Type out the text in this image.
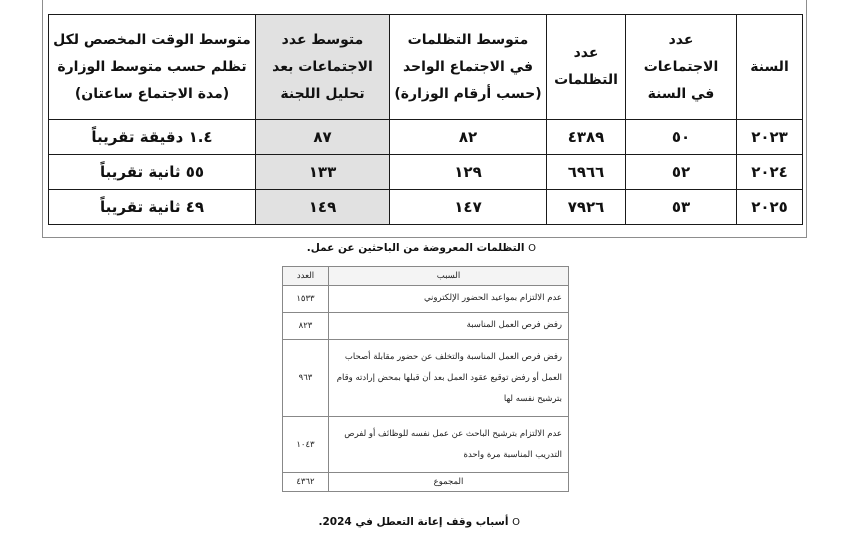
السنة	عدد الاجتماعات في السنة	عدد التظلمات	متوسط التظلمات في الاجتماع الواحد (حسب أرقام الوزارة)	متوسط عدد الاجتماعات بعد تحليل اللجنة	متوسط الوقت المخصص لكل تظلم حسب متوسط الوزارة (مدة الاجتماع ساعتان)
٢٠٢٣	٥٠	٤٣٨٩	٨٢	٨٧	١.٤ دقيقة تقريباً
٢٠٢٤	٥٢	٦٩٦٦	١٢٩	١٣٣	٥٥ ثانية تقريباً
٢٠٢٥	٥٣	٧٩٢٦	١٤٧	١٤٩	٤٩ ثانية تقريباً
O التظلمات المعروضة من الباحثين عن عمل.
السبب	العدد
عدم الالتزام بمواعيد الحضور الإلكتروني	١٥٣٣
رفض فرص العمل المناسبة	٨٢٣
رفض فرص العمل المناسبة والتخلف عن حضور مقابلة أصحاب العمل أو رفض توقيع عقود العمل بعد أن قبلها بمحض إرادته وقام بترشيح نفسه لها	٩٦٣
عدم الالتزام بترشيح الباحث عن عمل نفسه للوظائف أو لفرص التدريب المناسبة مرة واحدة	١٠٤٣
المجموع	٤٣٦٢
O أسباب وقف إعانة التعطل في 2024.
